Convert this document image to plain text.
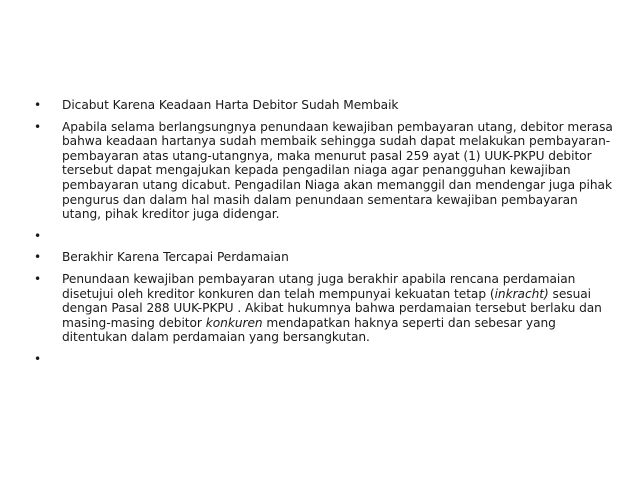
•	Dicabut Karena Keadaan Harta Debitor Sudah Membaik
•	Apabila selama berlangsungnya penundaan kewajiban pembayaran utang, debitor merasa bahwa keadaan hartanya sudah membaik sehingga sudah dapat melakukan pembayaran-pembayaran atas utang-utangnya, maka menurut pasal 259 ayat (1) UUK-PKPU debitor tersebut dapat mengajukan kepada pengadilan niaga agar penangguhan kewajiban pembayaran utang dicabut. Pengadilan Niaga akan memanggil dan mendengar juga pihak pengurus dan dalam hal masih dalam penundaan sementara kewajiban pembayaran utang, pihak kreditor juga didengar.
•
•	Berakhir Karena Tercapai Perdamaian
•	Penundaan kewajiban pembayaran utang juga berakhir apabila rencana perdamaian disetujui oleh kreditor konkuren dan telah mempunyai kekuatan tetap (inkracht) sesuai dengan Pasal 288 UUK-PKPU . Akibat hukumnya bahwa perdamaian tersebut berlaku dan masing-masing debitor konkuren mendapatkan haknya seperti dan sebesar yang ditentukan dalam perdamaian yang bersangkutan.
•
